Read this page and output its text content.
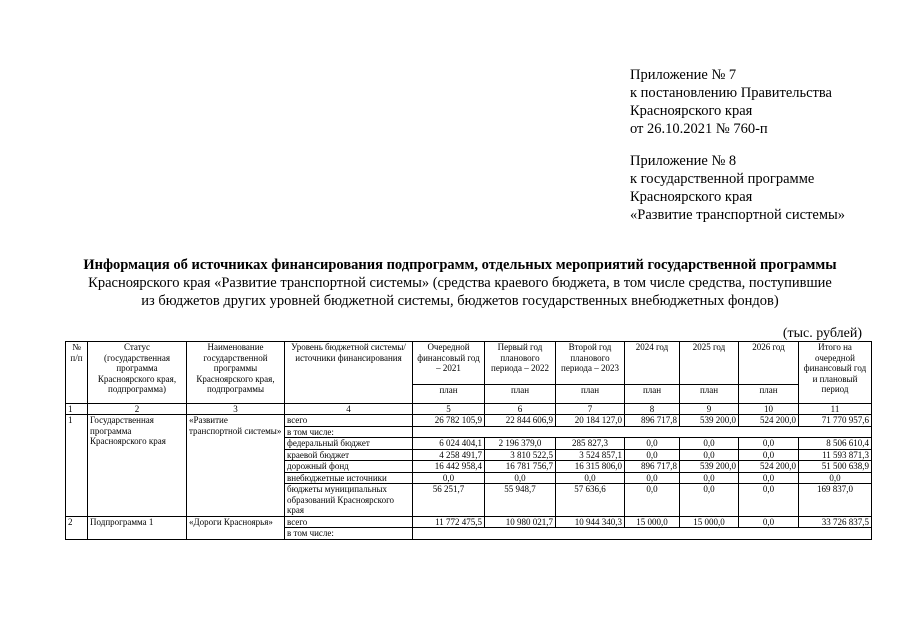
Приложение № 7
к постановлению Правительства
Красноярского края
от 26.10.2021 № 760-п
Приложение № 8
к государственной программе
Красноярского края
«Развитие транспортной системы»
Информация об источниках финансирования подпрограмм, отдельных мероприятий государственной программы
Красноярского края «Развитие транспортной системы» (средства краевого бюджета, в том числе средства, поступившие
из бюджетов других уровней бюджетной системы, бюджетов государственных внебюджетных фондов)
(тыс. рублей)
№ п/п	Статус (государственная программа Красноярского края, подпрограмма)	Наименование государственной программы Красноярского края, подпрограммы	Уровень бюджетной системы/источники финансирования	Очередной финансовый год – 2021	Первый год планового периода – 2022	Второй год планового периода – 2023	2024 год	2025 год	2026 год	Итого на очередной финансовый год и плановый период
				план	план	план	план	план	план	
1	2	3	4	5	6	7	8	9	10	11
1	Государственная программа Красноярского края	«Развитие транспортной системы»	всего	26 782 105,9	22 844 606,9	20 184 127,0	896 717,8	539 200,0	524 200,0	71 770 957,6
			в том числе:							
			федеральный бюджет	6 024 404,1	2 196 379,0	285 827,3	0,0	0,0	0,0	8 506 610,4
			краевой бюджет	4 258 491,7	3 810 522,5	3 524 857,1	0,0	0,0	0,0	11 593 871,3
			дорожный фонд	16 442 958,4	16 781 756,7	16 315 806,0	896 717,8	539 200,0	524 200,0	51 500 638,9
			внебюджетные источники	0,0	0,0	0,0	0,0	0,0	0,0	0,0
			бюджеты муниципальных образований Красноярского края	56 251,7	55 948,7	57 636,6	0,0	0,0	0,0	169 837,0
2	Подпрограмма 1	«Дороги Красноярья»	всего	11 772 475,5	10 980 021,7	10 944 340,3	15 000,0	15 000,0	0,0	33 726 837,5
			в том числе:							
